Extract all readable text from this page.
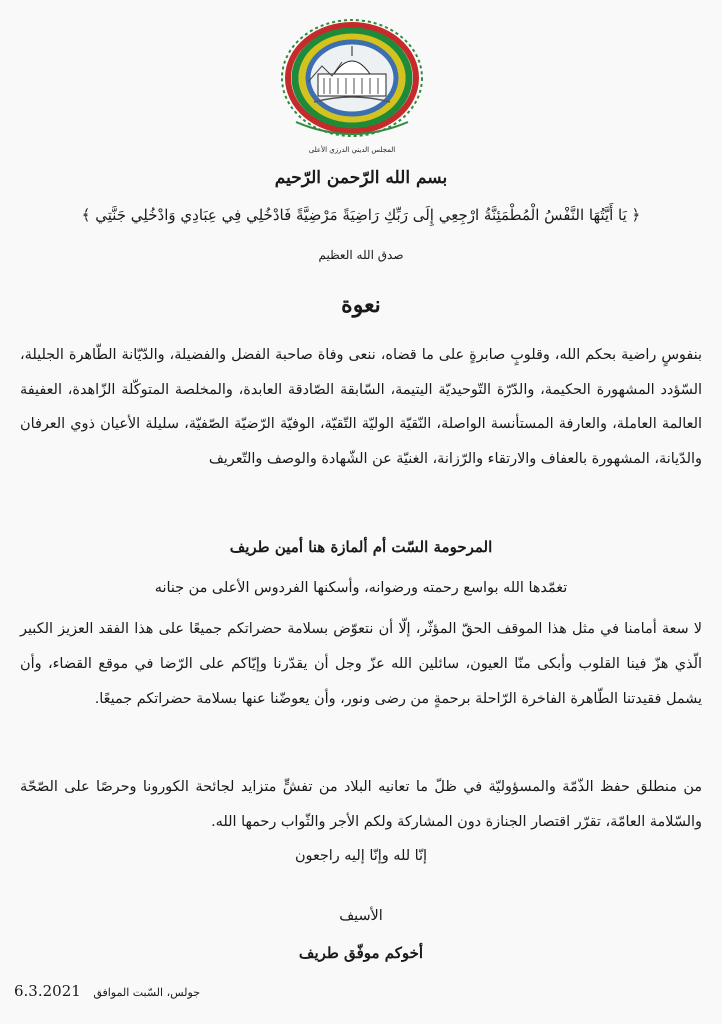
المجلس الديني الدرزي الأعلى
بسم الله الرّحمن الرّحيم
﴿ يَا أَيَّتُهَا النَّفْسُ الْمُطْمَئِنَّةُ ارْجِعِي إِلَى رَبِّكِ رَاضِيَةً مَرْضِيَّةً فَادْخُلِي فِي عِبَادِي وَادْخُلِي جَنَّتِي ﴾
صدق الله العظيم
نعوة
بنفوسٍ راضية بحكم الله، وقلوبٍ صابرةٍ على ما قضاه، ننعى وفاة صاحبة الفضل والفضيلة، والدّيّانة الطّاهرة الجليلة، السّؤدد المشهورة الحكيمة، والدّرّة التّوحيديّة اليتيمة، السّابقة الصّادقة العابدة، والمخلصة المتوكّلة الزّاهدة، العفيفة العالمة العاملة، والعارفة المستأنسة الواصلة، النّقيّة الوليّة التّقيّة، الوفيّة الرّضيّة الصّفيّة، سليلة الأعيان ذوي العرفان والدّيانة، المشهورة بالعفاف والارتقاء والرّزانة، الغنيّة عن الشّهادة والوصف والتّعريف
المرحومة السّت أم ألمازة هنا أمين طريف
تغمّدها الله بواسع رحمته ورضوانه، وأسكنها الفردوس الأعلى من جنانه
لا سعة أمامنا في مثل هذا الموقف الحقّ المؤثّر، إلّا أن نتعوّض بسلامة حضراتكم جميعًا على هذا الفقد العزيز الكبير الّذي هزّ فينا القلوب وأبكى منّا العيون، سائلين الله عزّ وجل أن يقدّرنا وإيّاكم على الرّضا في موقع القضاء، وأن يشمل فقيدتنا الطّاهرة الفاخرة الرّاحلة برحمةٍ من رضى ونور، وأن يعوضّنا عنها بسلامة حضراتكم جميعًا.
من منطلق حفظ الذّمّة والمسؤوليّة في ظلّ ما تعانيه البلاد من تفشٍّ متزايد لجائحة الكورونا وحرصًا على الصّحّة والسّلامة العامّة، تقرّر اقتصار الجنازة دون المشاركة ولكم الأجر والثّواب رحمها الله.
إنّا لله وإنّا إليه راجعون
الأسيف
أخوكم موفّق طريف
جولس، السّبت الموافق
6.3.2021
